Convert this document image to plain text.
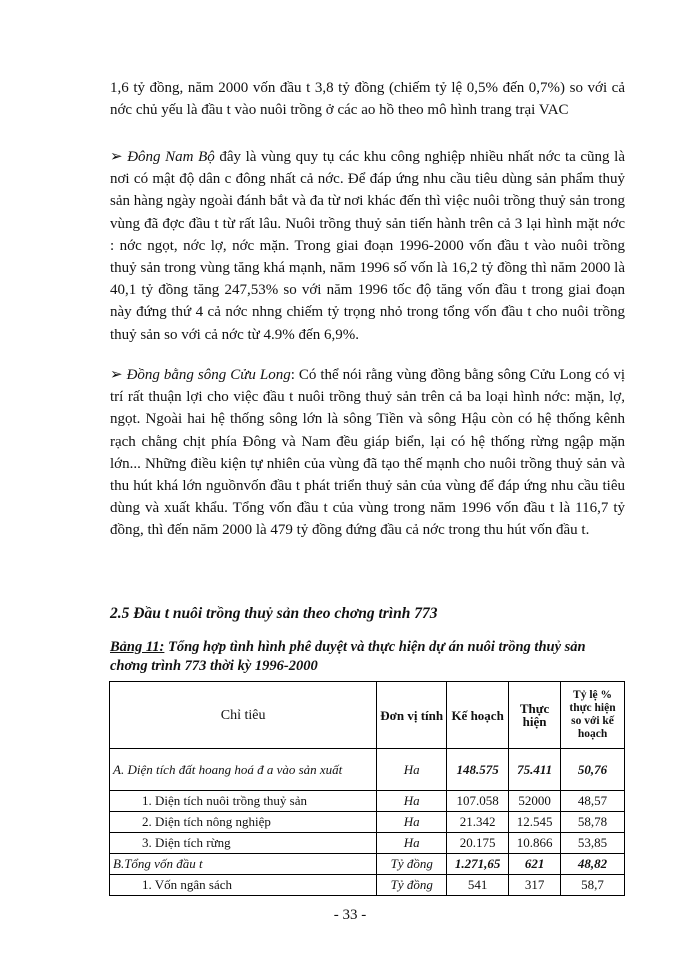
1,6 tỷ đồng, năm 2000 vốn đầu t 3,8 tỷ đồng (chiếm tỷ lệ 0,5% đến 0,7%) so với cả nớc chủ yếu là đầu t vào nuôi trồng ở các ao hồ theo mô hình trang trại VAC

➢ Đông Nam Bộ đây là vùng quy tụ các khu công nghiệp nhiều nhất nớc ta cũng là nơi có mật độ dân c đông nhất cả nớc. Để đáp ứng nhu cầu tiêu dùng sản phẩm thuỷ sản hàng ngày ngoài đánh bắt và đa từ nơi khác đến thì việc nuôi trồng thuỷ sản trong vùng đã đợc đầu t từ rất lâu. Nuôi trồng thuỷ sản tiến hành trên cả 3 lại hình mặt nớc : nớc ngọt, nớc lợ, nớc mặn. Trong giai đoạn 1996-2000 vốn đầu t vào nuôi trồng thuỷ sản trong vùng tăng khá mạnh, năm 1996 số vốn là 16,2 tỷ đồng thì năm 2000 là 40,1 tỷ đồng tăng 247,53% so với năm 1996 tốc độ tăng vốn đầu t trong giai đoạn này đứng thứ 4 cả nớc nhng chiếm tỷ trọng nhỏ trong tổng vốn đầu t cho nuôi trồng thuỷ sản so với cả nớc từ 4.9% đến 6,9%.

➢ Đồng bằng sông Cửu Long: Có thể nói rằng vùng đồng bằng sông Cửu Long có vị trí rất thuận lợi cho việc đầu t nuôi trồng thuỷ sản trên cả ba loại hình nớc: mặn, lợ, ngọt. Ngoài hai hệ thống sông lớn là sông Tiền và sông Hậu còn có hệ thống kênh rạch chằng chịt phía Đông và Nam đều giáp biển, lại có hệ thống rừng ngập mặn lớn... Những điều kiện tự nhiên của vùng đã tạo thế mạnh cho nuôi trồng thuỷ sản và thu hút khá lớn nguồnvốn đầu t phát triển thuỷ sản của vùng để đáp ứng nhu cầu tiêu dùng và xuất khẩu. Tổng vốn đầu t của vùng trong năm 1996 vốn đầu t là 116,7 tỷ đồng, thì đến năm 2000 là 479 tỷ đồng đứng đầu cả nớc trong thu hút vốn đầu t.

2.5 Đầu t nuôi trồng thuỷ sản theo chơng trình 773

Bảng 11: Tổng hợp tình hình phê duyệt và thực hiện dự án nuôi trồng thuỷ sản chơng trình 773 thời kỳ 1996-2000

Chỉ tiêu	Đơn vị tính	Kế hoạch	Thực hiện	Tỷ lệ % thực hiện so với kế hoạch
A. Diện tích đất hoang hoá đ a vào sản xuất	Ha	148.575	75.411	50,76
1. Diện tích nuôi trồng thuỷ sản	Ha	107.058	52000	48,57
2. Diện tích nông nghiệp	Ha	21.342	12.545	58,78
3. Diện tích rừng	Ha	20.175	10.866	53,85
B.Tổng vốn đầu t	Tỷ đồng	1.271,65	621	48,82
1. Vốn ngân sách	Tỷ đồng	541	317	58,7

- 33 -
